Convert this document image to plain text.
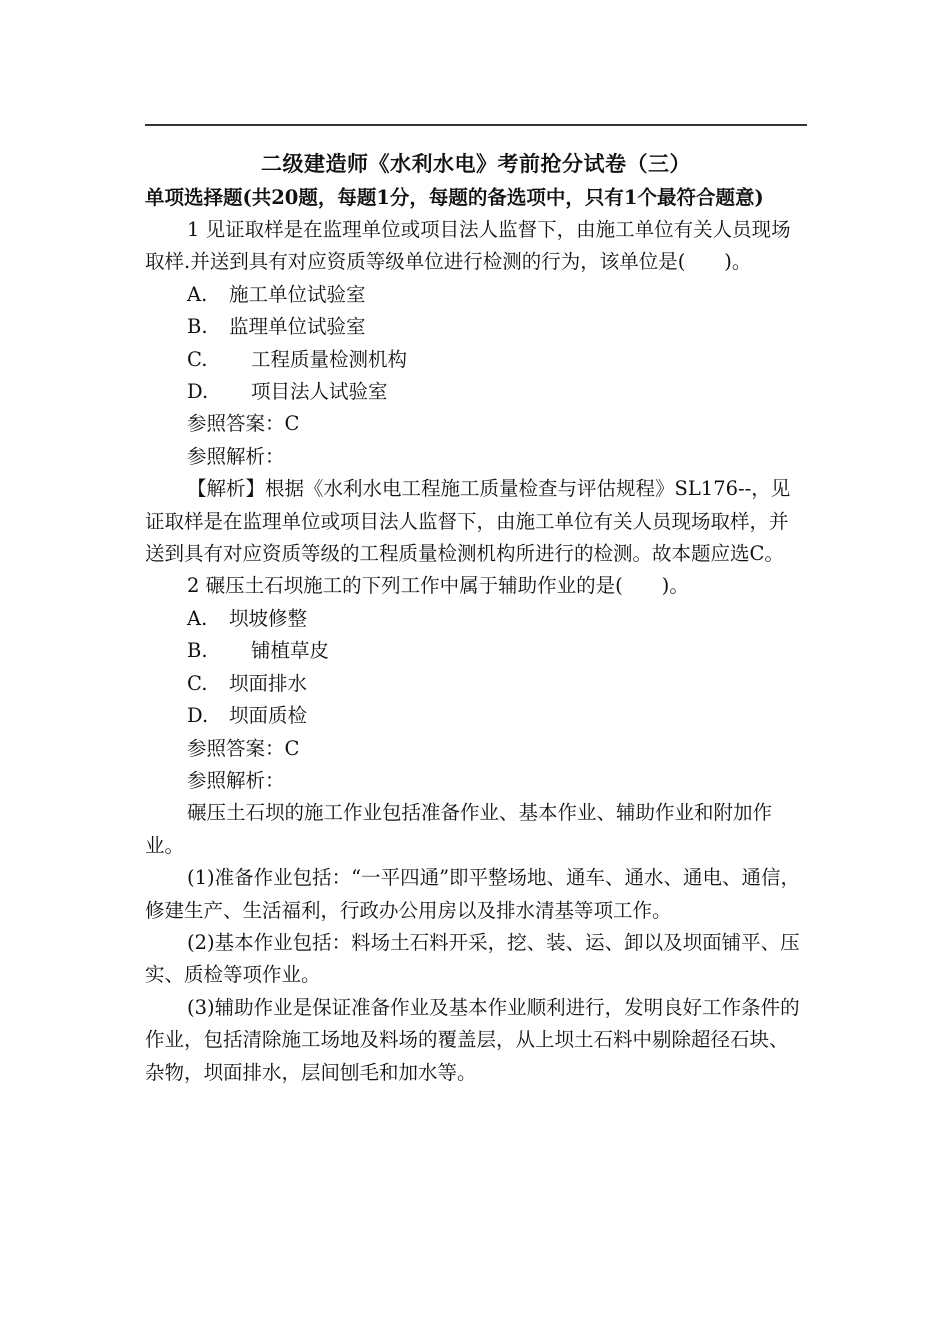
二级建造师《水利水电》考前抢分试卷（三）
单项选择题(共20题，每题1分，每题的备选项中，只有1个最符合题意)

1 见证取样是在监理单位或项目法人监督下，由施工单位有关人员现场取样.并送到具有对应资质等级单位进行检测的行为，该单位是(　　)。

A. 施工单位试验室

B. 监理单位试验室

C. 工程质量检测机构

D. 项目法人试验室

参照答案：C

参照解析：

【解析】根据《水利水电工程施工质量检查与评估规程》SL176--，见证取样是在监理单位或项目法人监督下，由施工单位有关人员现场取样，并送到具有对应资质等级的工程质量检测机构所进行的检测。故本题应选C。

2 碾压土石坝施工的下列工作中属于辅助作业的是(　　)。

A. 坝坡修整

B. 铺植草皮

C. 坝面排水

D. 坝面质检

参照答案：C

参照解析：

碾压土石坝的施工作业包括准备作业、基本作业、辅助作业和附加作业。

(1)准备作业包括：“一平四通”即平整场地、通车、通水、通电、通信，修建生产、生活福利，行政办公用房以及排水清基等项工作。

(2)基本作业包括：料场土石料开采，挖、装、运、卸以及坝面铺平、压实、质检等项作业。

(3)辅助作业是保证准备作业及基本作业顺利进行，发明良好工作条件的作业，包括清除施工场地及料场的覆盖层，从上坝土石料中剔除超径石块、杂物，坝面排水，层间刨毛和加水等。
